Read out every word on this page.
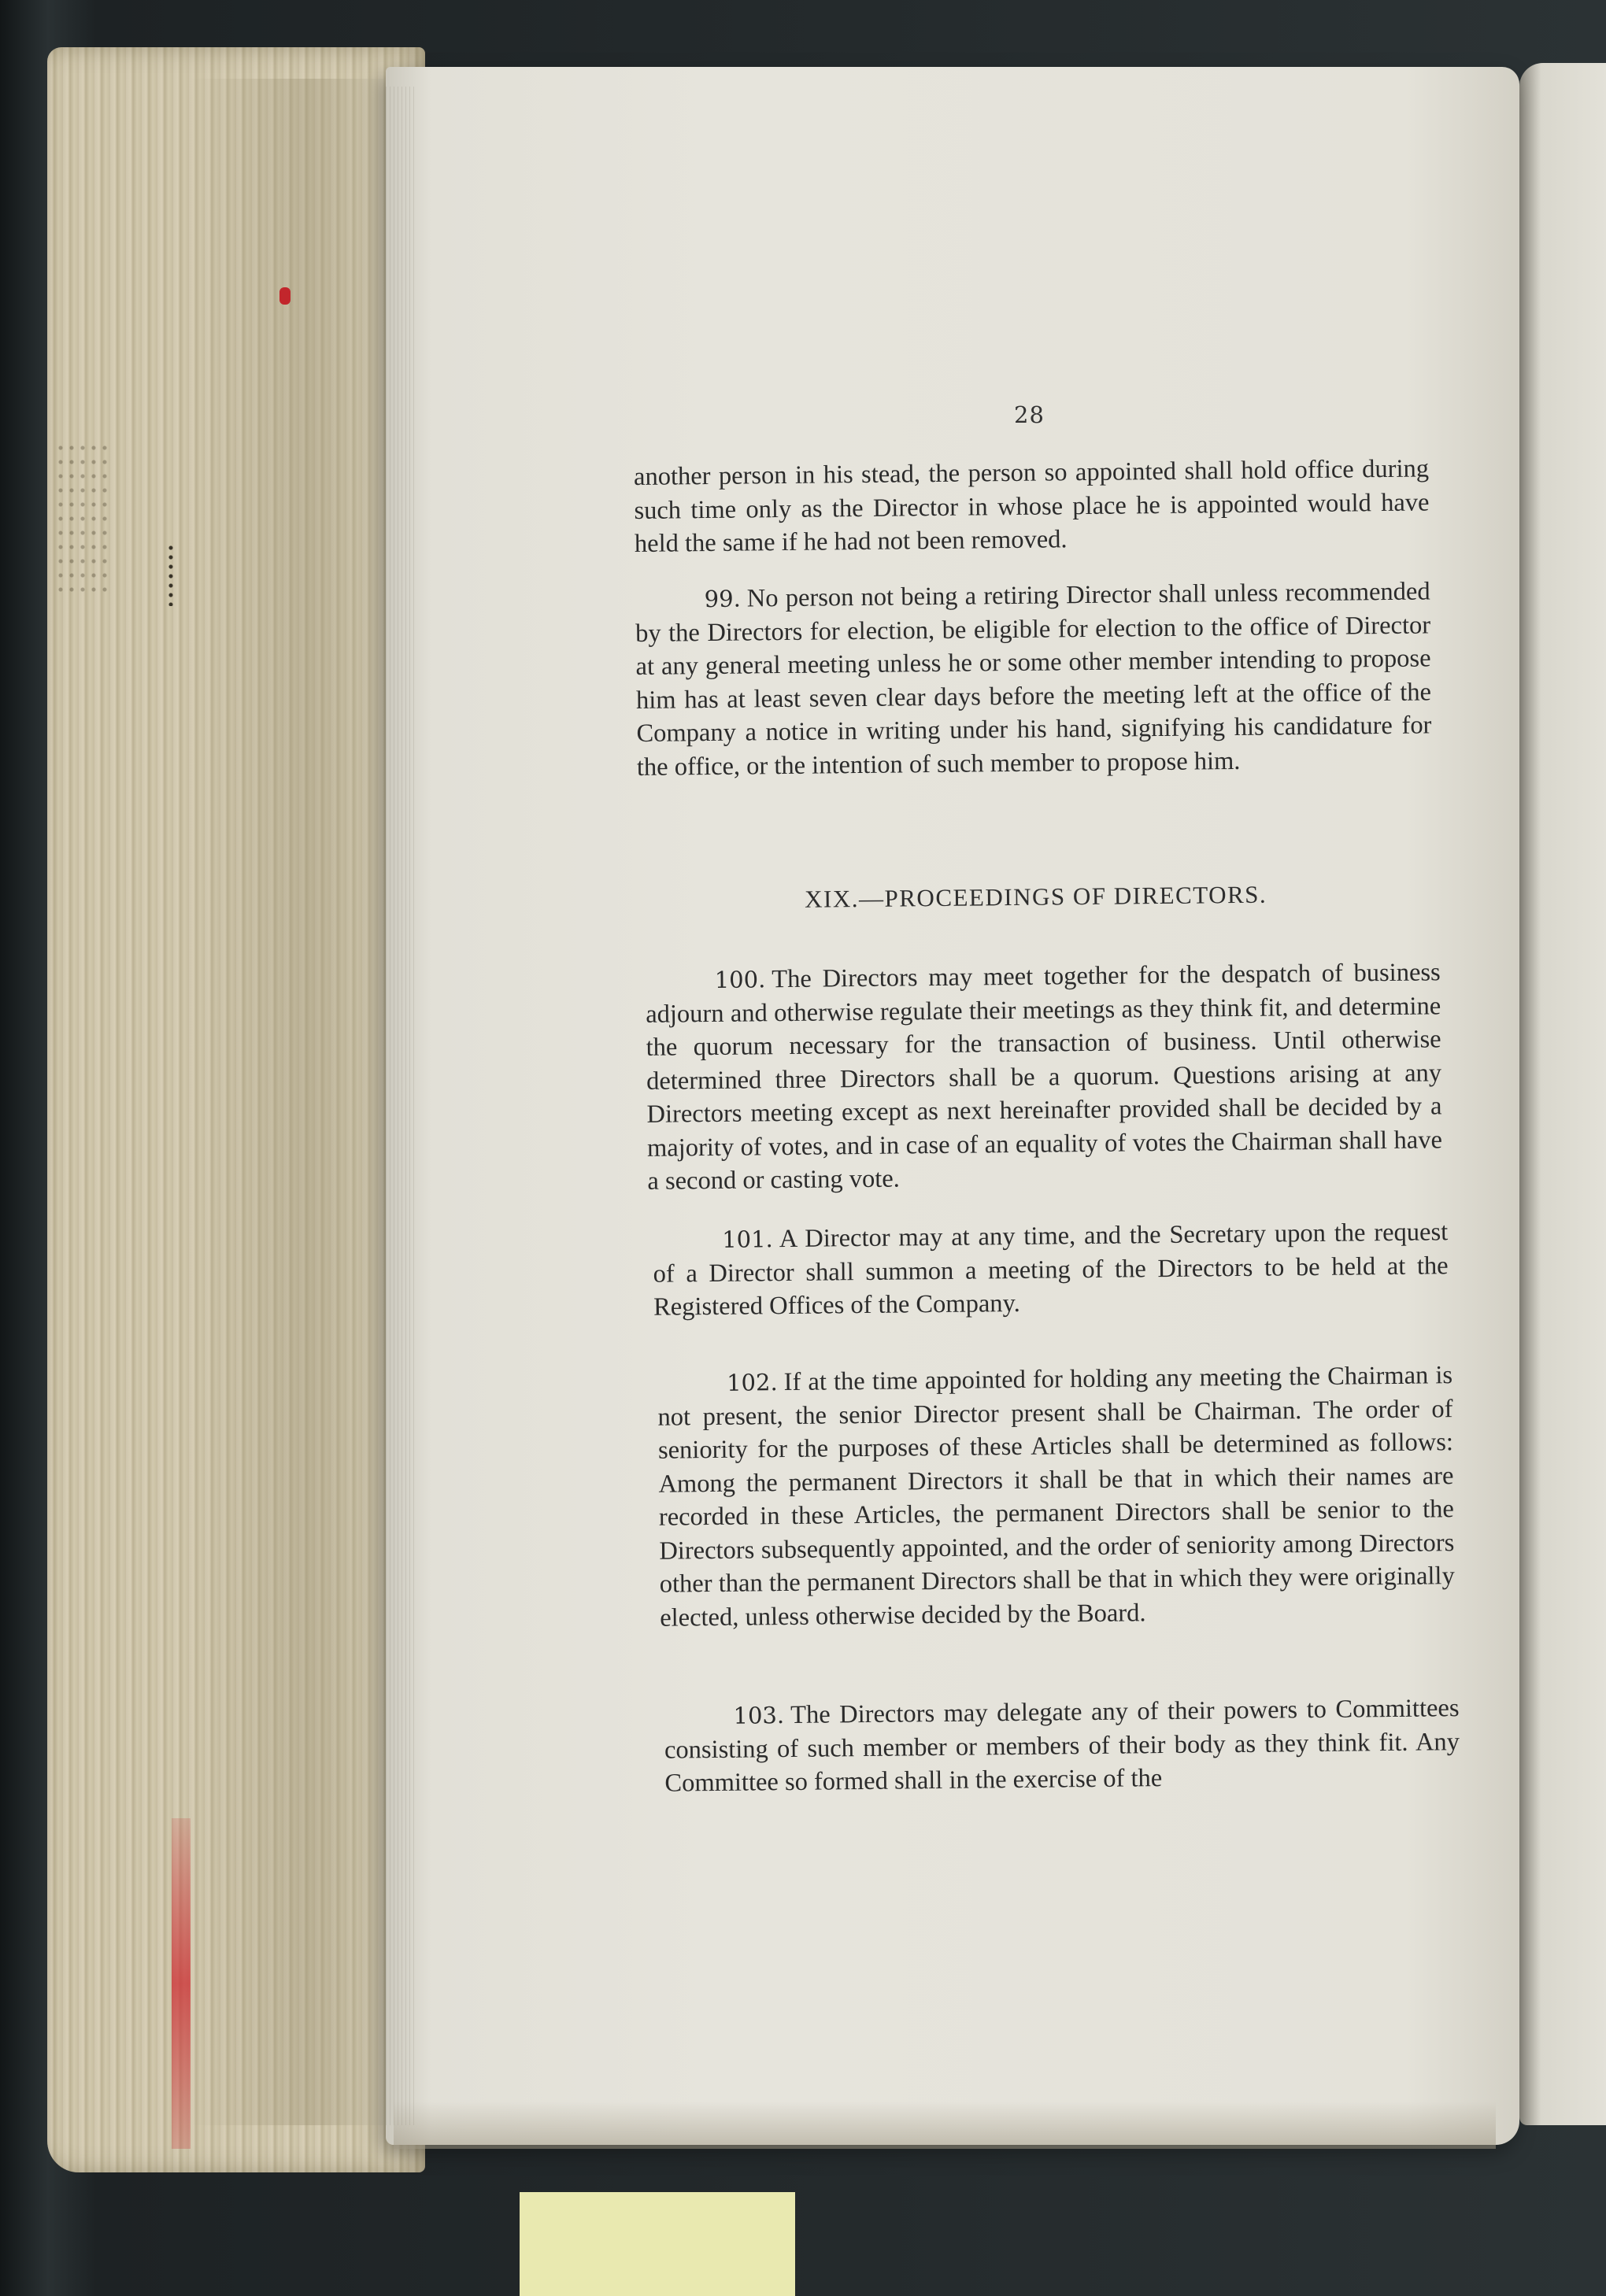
28

another person in his stead, the person so appointed shall hold office during such time only as the Director in whose place he is appointed would have held the same if he had not been removed.

99. No person not being a retiring Director shall unless recommended by the Directors for election, be eligible for election to the office of Director at any general meeting unless he or some other member intending to propose him has at least seven clear days before the meeting left at the office of the Company a notice in writing under his hand, signifying his candidature for the office, or the intention of such member to propose him.

XIX.—PROCEEDINGS OF DIRECTORS.

100. The Directors may meet together for the despatch of business adjourn and otherwise regulate their meetings as they think fit, and determine the quorum necessary for the transaction of business. Until otherwise determined three Directors shall be a quorum. Questions arising at any Directors meeting except as next hereinafter provided shall be decided by a majority of votes, and in case of an equality of votes the Chairman shall have a second or casting vote.

101. A Director may at any time, and the Secretary upon the request of a Director shall summon a meeting of the Directors to be held at the Registered Offices of the Company.

102. If at the time appointed for holding any meeting the Chairman is not present, the senior Director present shall be Chairman. The order of seniority for the purposes of these Articles shall be determined as follows: Among the permanent Directors it shall be that in which their names are recorded in these Articles, the permanent Directors shall be senior to the Directors subsequently appointed, and the order of seniority among Directors other than the permanent Directors shall be that in which they were originally elected, unless otherwise decided by the Board.

103. The Directors may delegate any of their powers to Committees consisting of such member or members of their body as they think fit. Any Committee so formed shall in the exercise of the
